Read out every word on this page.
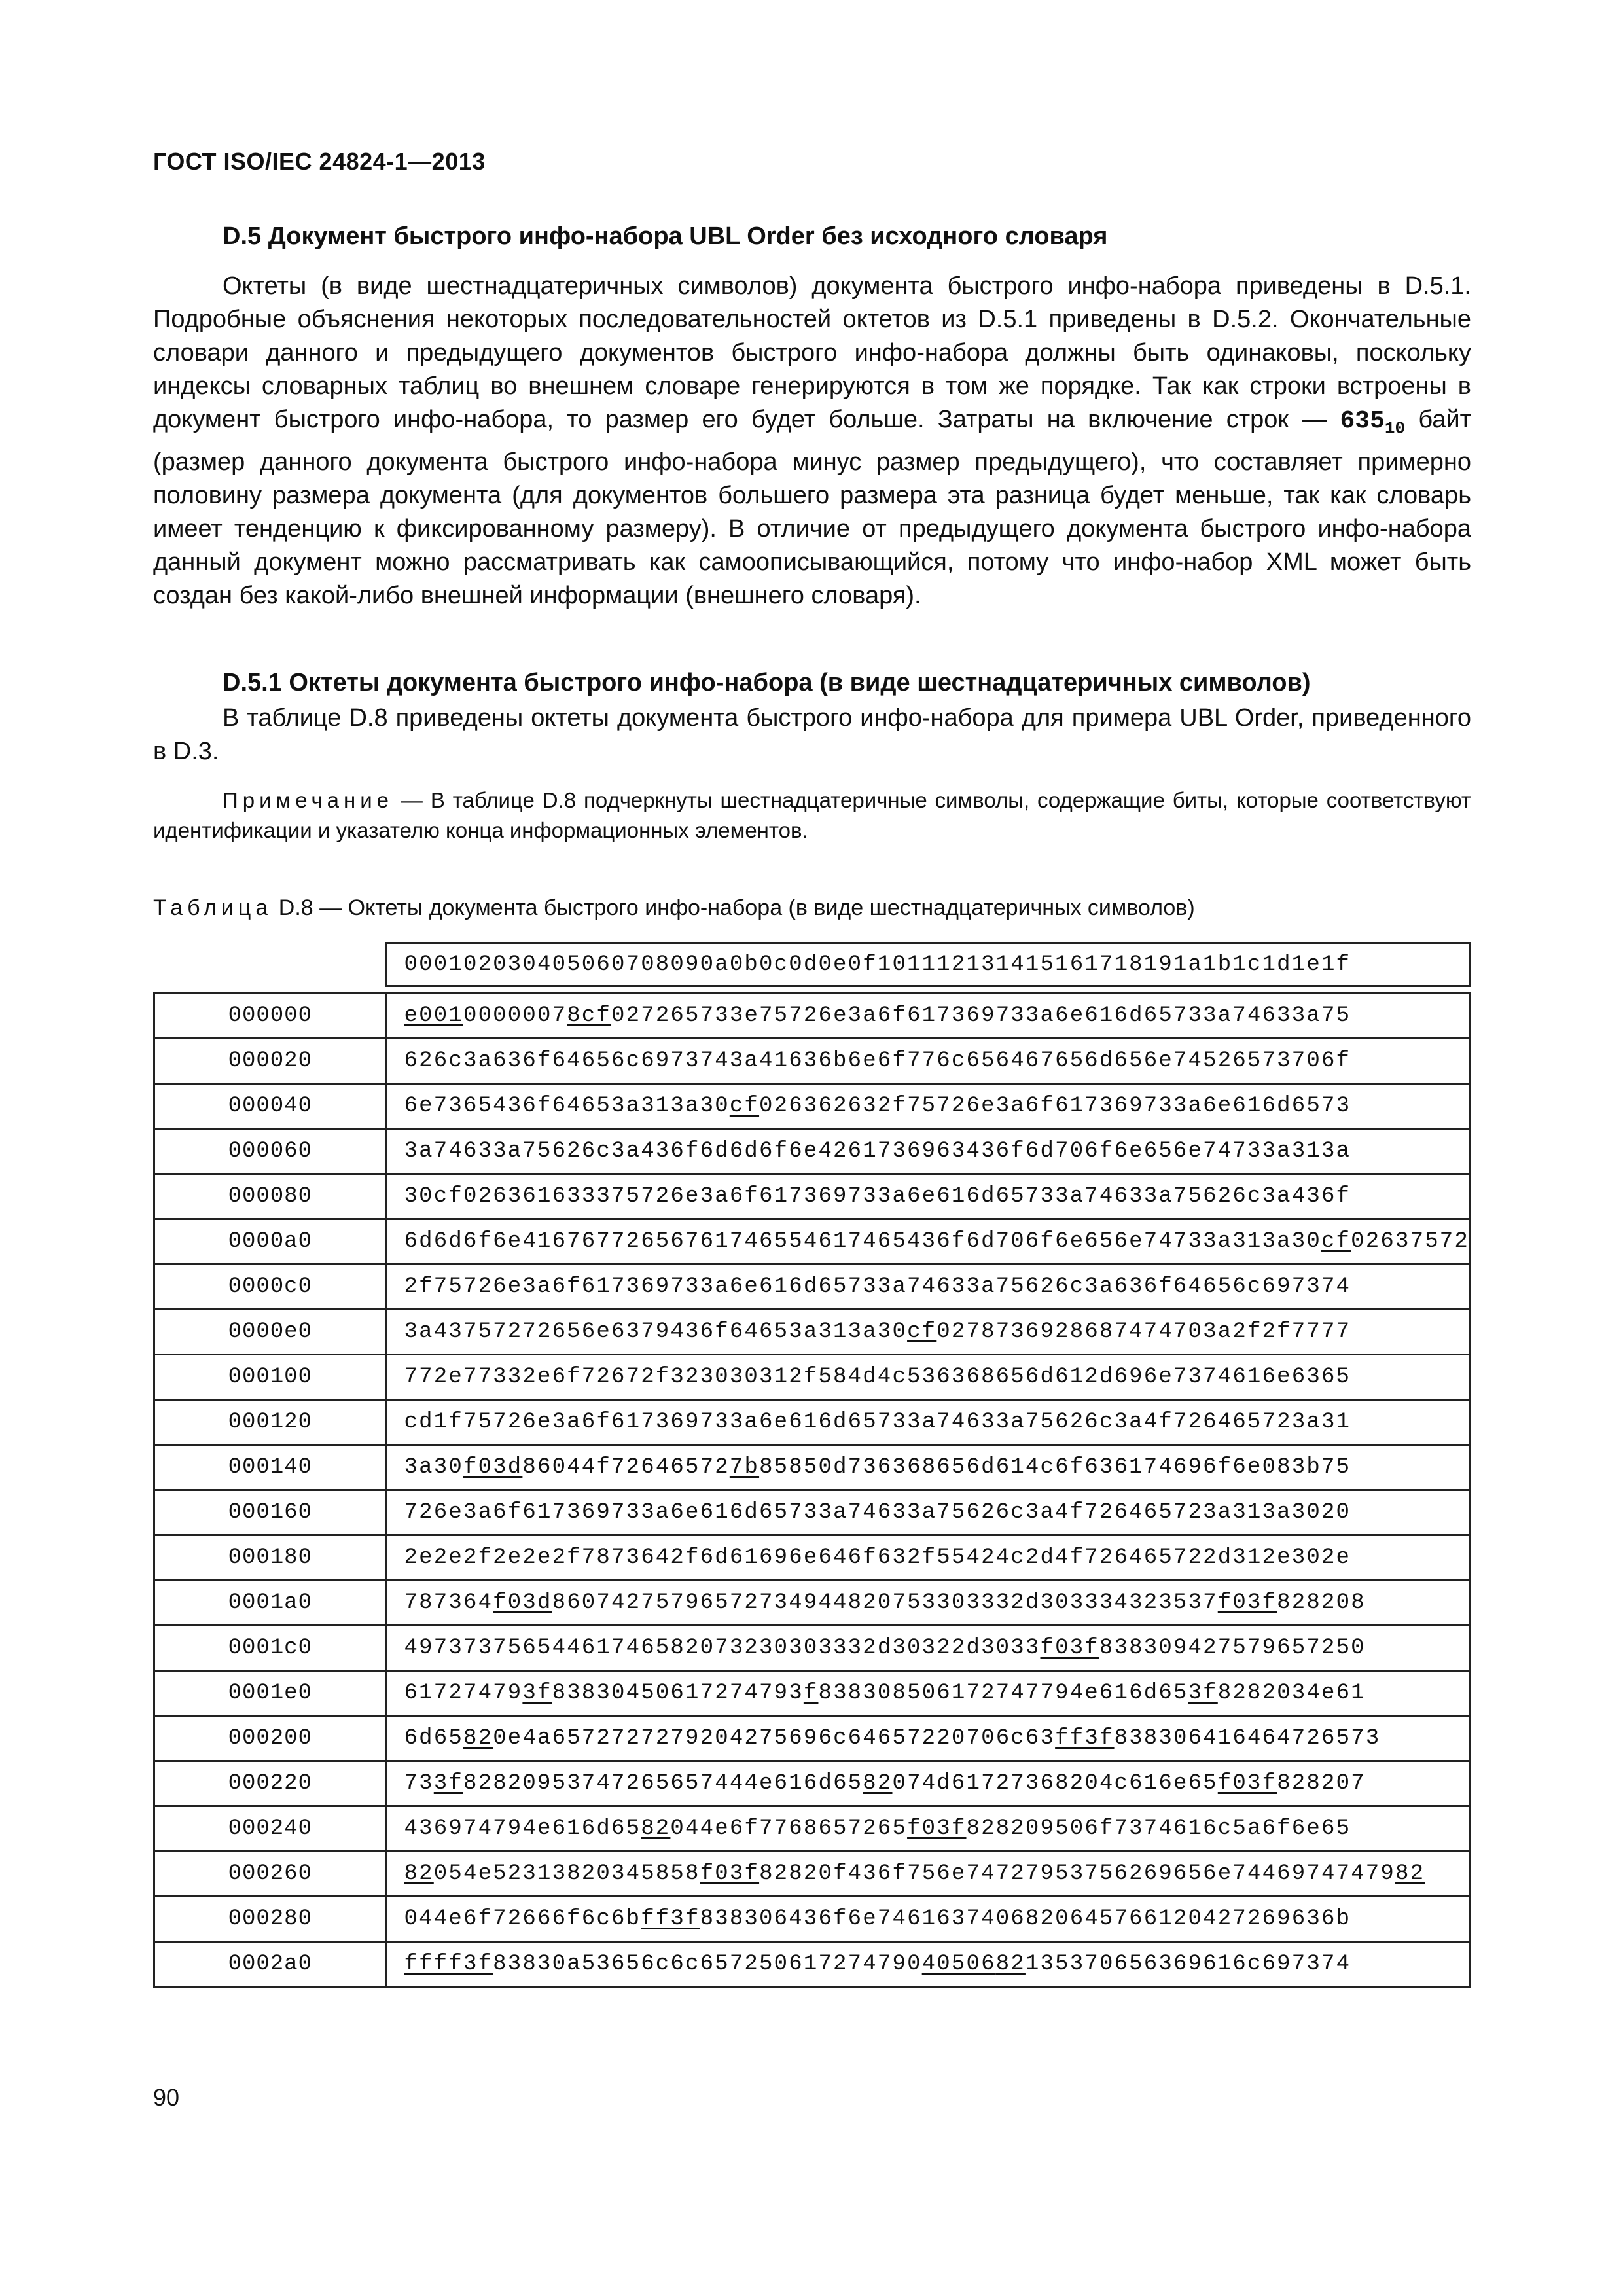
ГОСТ ISO/IEC 24824-1—2013
D.5 Документ быстрого инфо-набора UBL Order без исходного словаря

Октеты (в виде шестнадцатеричных символов) документа быстрого инфо-набора приведены в D.5.1. Подробные объяснения некоторых последовательностей октетов из D.5.1 приведены в D.5.2. Окончательные словари данного и предыдущего документов быстрого инфо-набора должны быть одинаковы, поскольку индексы словарных таблиц во внешнем словаре генерируются в том же порядке. Так как строки встроены в документ быстрого инфо-набора, то размер его будет больше. Затраты на включение строк — $635_{10}$ байт (размер данного документа быстрого инфо-набора минус размер предыдущего), что составляет примерно половину размера документа (для документов большего размера эта разница будет меньше, так как словарь имеет тенденцию к фиксированному размеру). В отличие от предыдущего документа быстрого инфо-набора данный документ можно рассматривать как самоописывающийся, потому что инфо-набор XML может быть создан без какой-либо внешней информации (внешнего словаря).

D.5.1 Октеты документа быстрого инфо-набора (в виде шестнадцатеричных символов)

В таблице D.8 приведены октеты документа быстрого инфо-набора для примера UBL Order, приведенного в D.3.

Примечание — В таблице D.8 подчеркнуты шестнадцатеричные символы, содержащие биты, которые соответствуют идентификации и указателю конца информационных элементов.

Таблица D.8 — Октеты документа быстрого инфо-набора (в виде шестнадцатеричных символов)
	000102030405060708090a0b0c0d0e0f101112131415161718191a1b1c1d1e1f

000000	e00100000078cf027265733e75726e3a6f617369733a6e616d65733a74633a75
000020	626c3a636f64656c6973743a41636b6e6f776c656467656d656e74526573706f
000040	6e7365436f64653a313a30cf026362632f75726e3a6f617369733a6e616d6573
000060	3a74633a75626c3a436f6d6d6f6e4261736963436f6d706f6e656e74733a313a
000080	30cf026361633375726e3a6f617369733a6e616d65733a74633a75626c3a436f
0000a0	6d6d6f6e41676772656761746554617465436f6d706f6e656e74733a313a30cf02637572
0000c0	2f75726e3a6f617369733a6e616d65733a74633a75626c3a636f64656c697374
0000e0	3a43757272656e6379436f64653a313a30cf0278736928687474703a2f2f7777
000100	772e77332e6f72672f323030312f584d4c536368656d612d696e7374616e6365
000120	cd1f75726e3a6f617369733a6e616d65733a74633a75626c3a4f726465723a31
000140	3a30f03d86044f726465727b85850d736368656d614c6f636174696f6e083b75
000160	726e3a6f617369733a6e616d65733a74633a75626c3a4f726465723a313a3020
000180	2e2e2f2e2e2f7873642f6d61696e646f632f55424c2d4f726465722d312e302e
0001a0	787364f03d86074275796572734944820753303332d303334323537f03f828208
0001c0	49737375654461746582073230303332d30322d3033f03f838309427579657250
0001e0	617274793f83830450617274793f838308506172747794e616d653f8282034e61
000200	6d65820e4a6572727279204275696c64657220706c63ff3f838306416464726573
000220	733f82820953747265657444e616d6582074d61727368204c616e65f03f828207
000240	436974794e616d6582044e6f7768657265f03f828209506f7374616c5a6f6e65
000260	82054e52313820345858f03f82820f436f756e74727953756269656e7446974747982
000280	044e6f72666f6c6bff3f838306436f6e7461637406820645766120427269636b
0002a0	ffff3f83830a53656c6c6572506172747904050682135370656369616c697374
90
